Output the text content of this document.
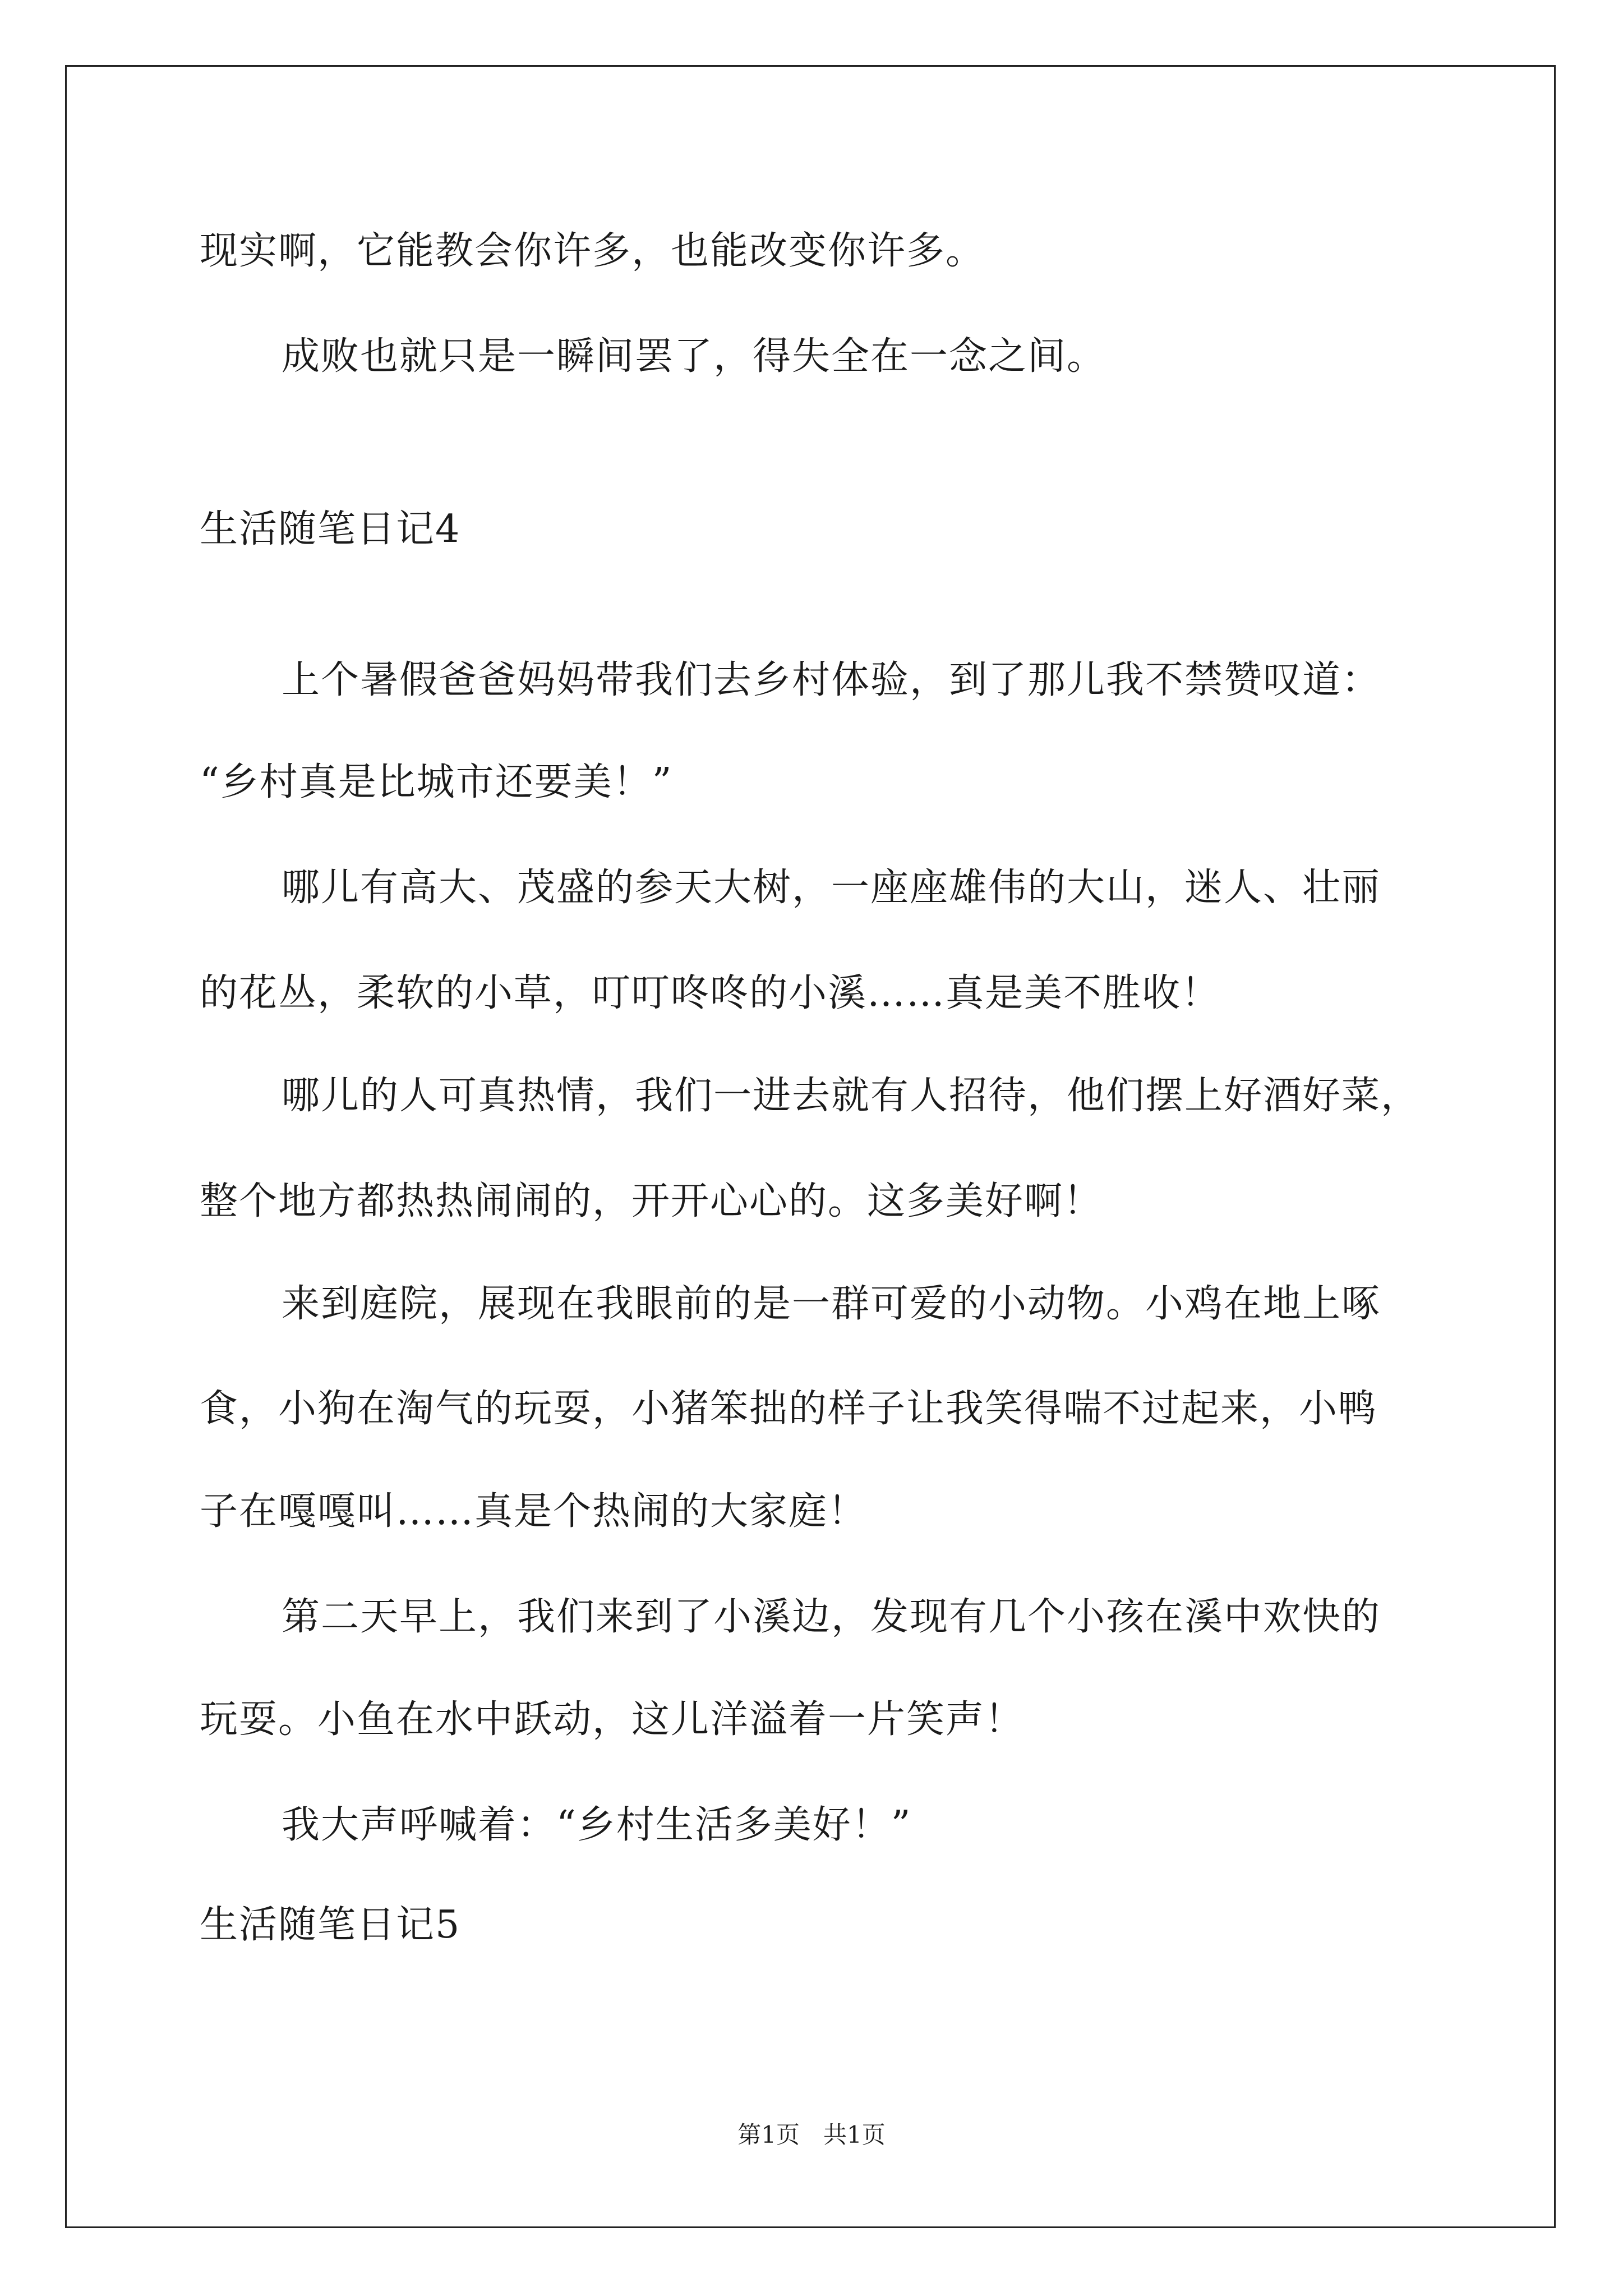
现实啊，它能教会你许多，也能改变你许多。
成败也就只是一瞬间罢了，得失全在一念之间。
生活随笔日记4
上个暑假爸爸妈妈带我们去乡村体验，到了那儿我不禁赞叹道：
“乡村真是比城市还要美！”
哪儿有高大、茂盛的参天大树，一座座雄伟的大山，迷人、壮丽
的花丛，柔软的小草，叮叮咚咚的小溪……真是美不胜收！
哪儿的人可真热情，我们一进去就有人招待，他们摆上好酒好菜，
整个地方都热热闹闹的，开开心心的。这多美好啊！
来到庭院，展现在我眼前的是一群可爱的小动物。小鸡在地上啄
食，小狗在淘气的玩耍，小猪笨拙的样子让我笑得喘不过起来，小鸭
子在嘎嘎叫……真是个热闹的大家庭！
第二天早上，我们来到了小溪边，发现有几个小孩在溪中欢快的
玩耍。小鱼在水中跃动，这儿洋溢着一片笑声！
我大声呼喊着：“乡村生活多美好！”
生活随笔日记5
第1页　共1页
